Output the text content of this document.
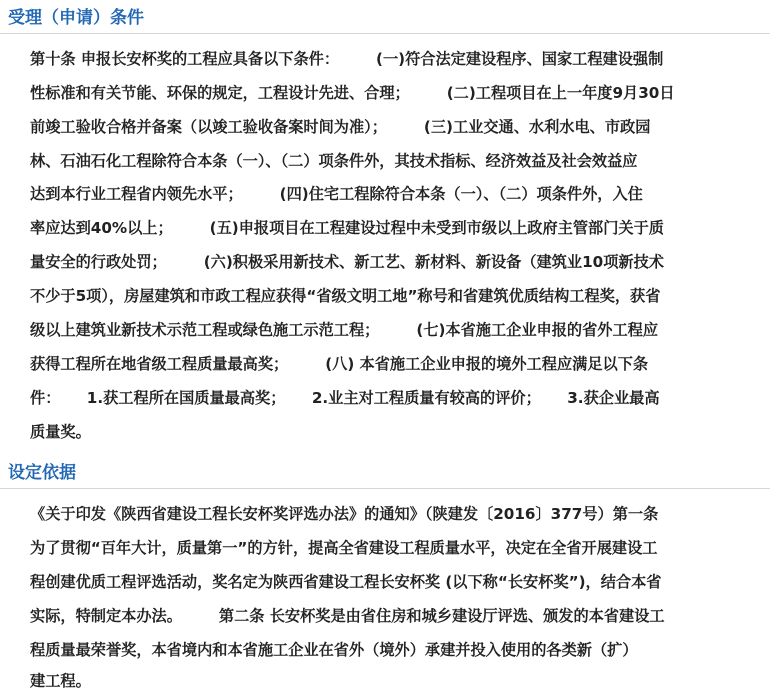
受理（申请）条件
第十条 申报长安杯奖的工程应具备以下条件：       (一)符合法定建设程序、国家工程建设强制
性标准和有关节能、环保的规定，工程设计先进、合理；       (二)工程项目在上一年度9月30日
前竣工验收合格并备案（以竣工验收备案时间为准）；       (三)工业交通、水利水电、市政园
林、石油石化工程除符合本条（一）、（二）项条件外，其技术指标、经济效益及社会效益应
达到本行业工程省内领先水平；       (四)住宅工程除符合本条（一）、（二）项条件外，入住
率应达到40%以上；       (五)申报项目在工程建设过程中未受到市级以上政府主管部门关于质
量安全的行政处罚；       (六)积极采用新技术、新工艺、新材料、新设备（建筑业10项新技术
不少于5项），房屋建筑和市政工程应获得“省级文明工地”称号和省建筑优质结构工程奖，获省
级以上建筑业新技术示范工程或绿色施工示范工程；       (七)本省施工企业申报的省外工程应
获得工程所在地省级工程质量最高奖；       (八) 本省施工企业申报的境外工程应满足以下条
件：     1.获工程所在国质量最高奖；     2.业主对工程质量有较高的评价；     3.获企业最高
质量奖。
设定依据
《关于印发《陕西省建设工程长安杯奖评选办法》的通知》（陕建发〔2016〕377号）第一条
为了贯彻“百年大计，质量第一”的方针，提高全省建设工程质量水平，决定在全省开展建设工
程创建优质工程评选活动，奖名定为陕西省建设工程长安杯奖 (以下称“长安杯奖”)，结合本省
实际，特制定本办法。       第二条 长安杯奖是由省住房和城乡建设厅评选、颁发的本省建设工
程质量最荣誉奖，本省境内和本省施工企业在省外（境外）承建并投入使用的各类新（扩）
建工程。
